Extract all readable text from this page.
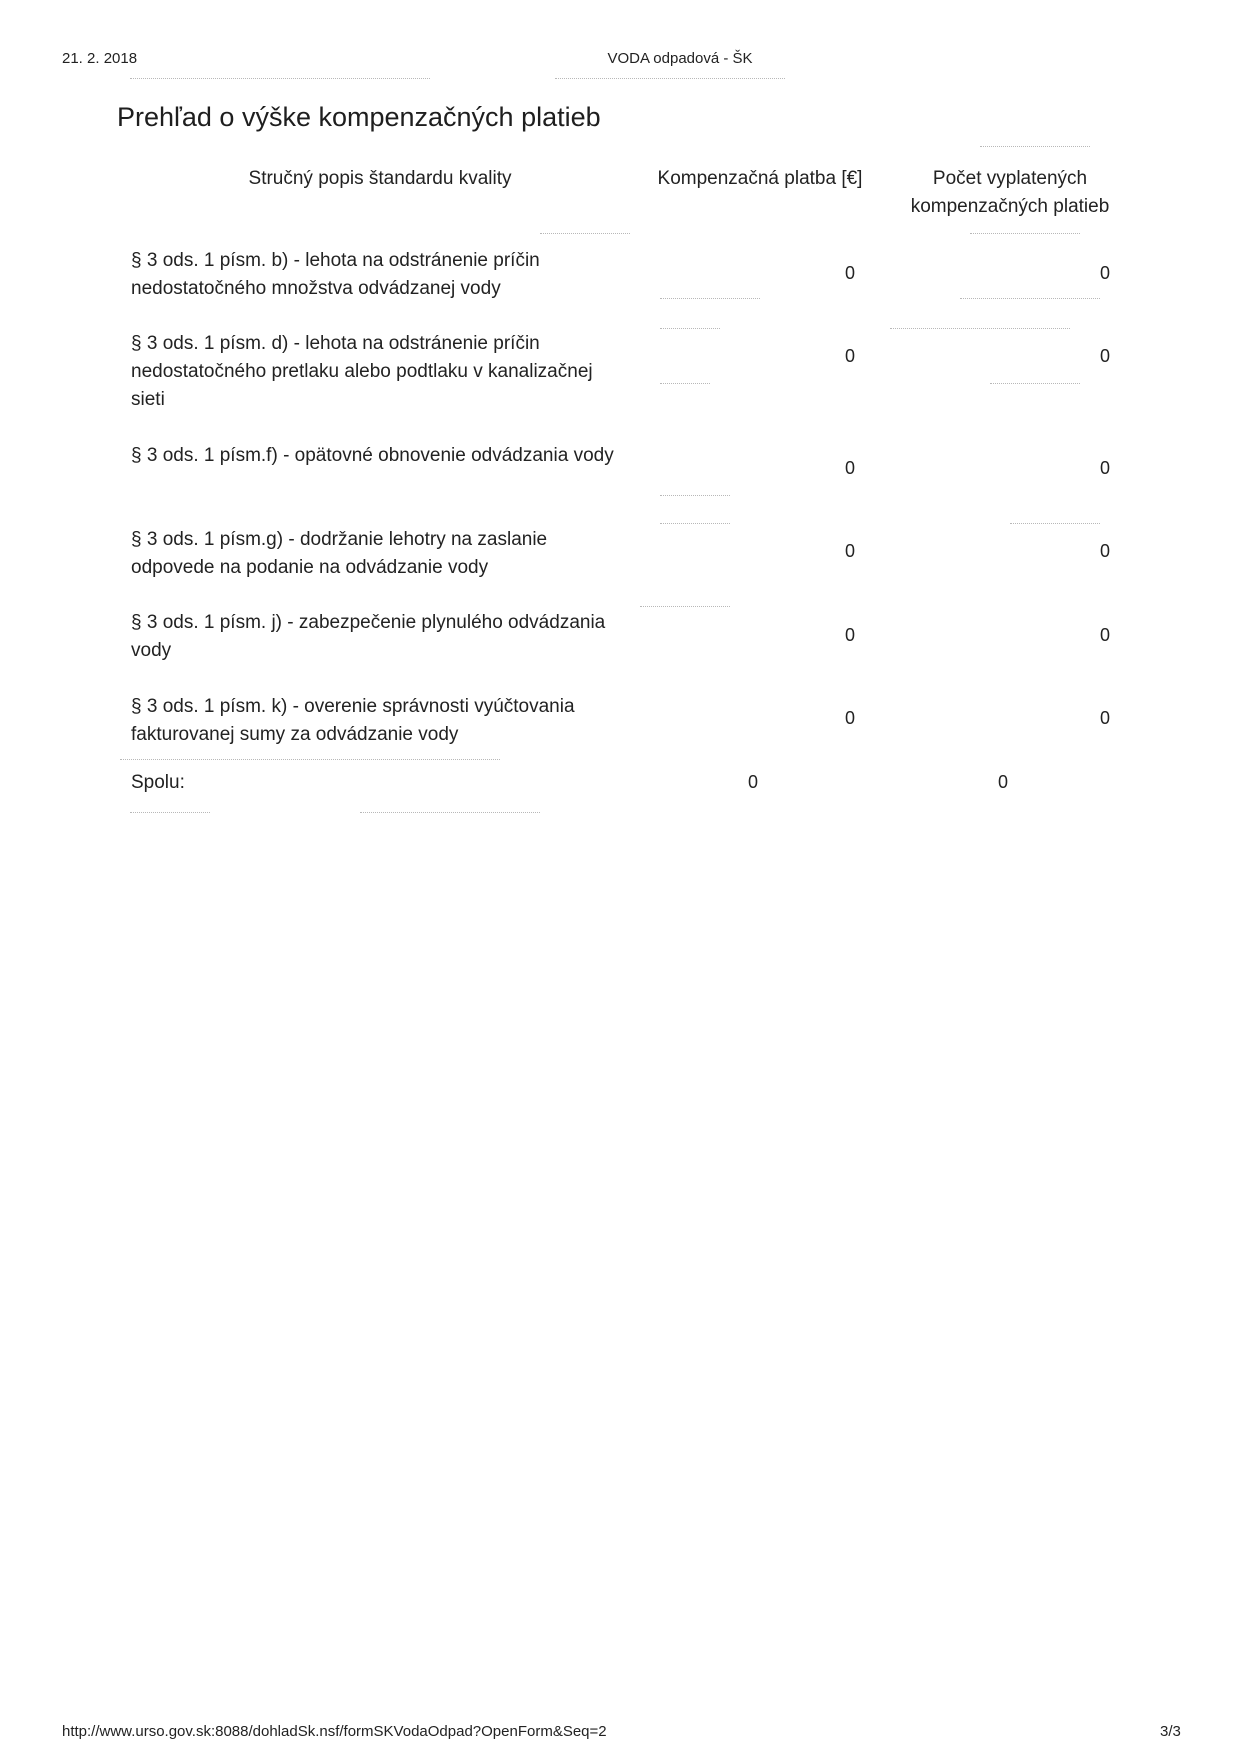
21. 2. 2018	VODA odpadová - ŠK
Prehľad o výške kompenzačných platieb
Stručný popis štandardu kvality	Kompenzačná platba [€]	Počet vyplatených kompenzačných platieb
§ 3 ods. 1 písm. b) - lehota na odstránenie príčin nedostatočného množstva odvádzanej vody
0	0
§ 3 ods. 1 písm. d) - lehota na odstránenie príčin nedostatočného pretlaku alebo podtlaku v kanalizačnej sieti
0	0
§ 3 ods. 1 písm.f) - opätovné obnovenie odvádzania vody
0	0
§ 3 ods. 1 písm.g) - dodržanie lehotry na zaslanie odpovede na podanie na odvádzanie vody
0	0
§ 3 ods. 1 písm. j) - zabezpečenie plynulého odvádzania vody
0	0
§ 3 ods. 1 písm. k) - overenie správnosti vyúčtovania fakturovanej sumy za odvádzanie vody
0	0
Spolu:	0	0
http://www.urso.gov.sk:8088/dohladSk.nsf/formSKVodaOdpad?OpenForm&Seq=2	3/3
